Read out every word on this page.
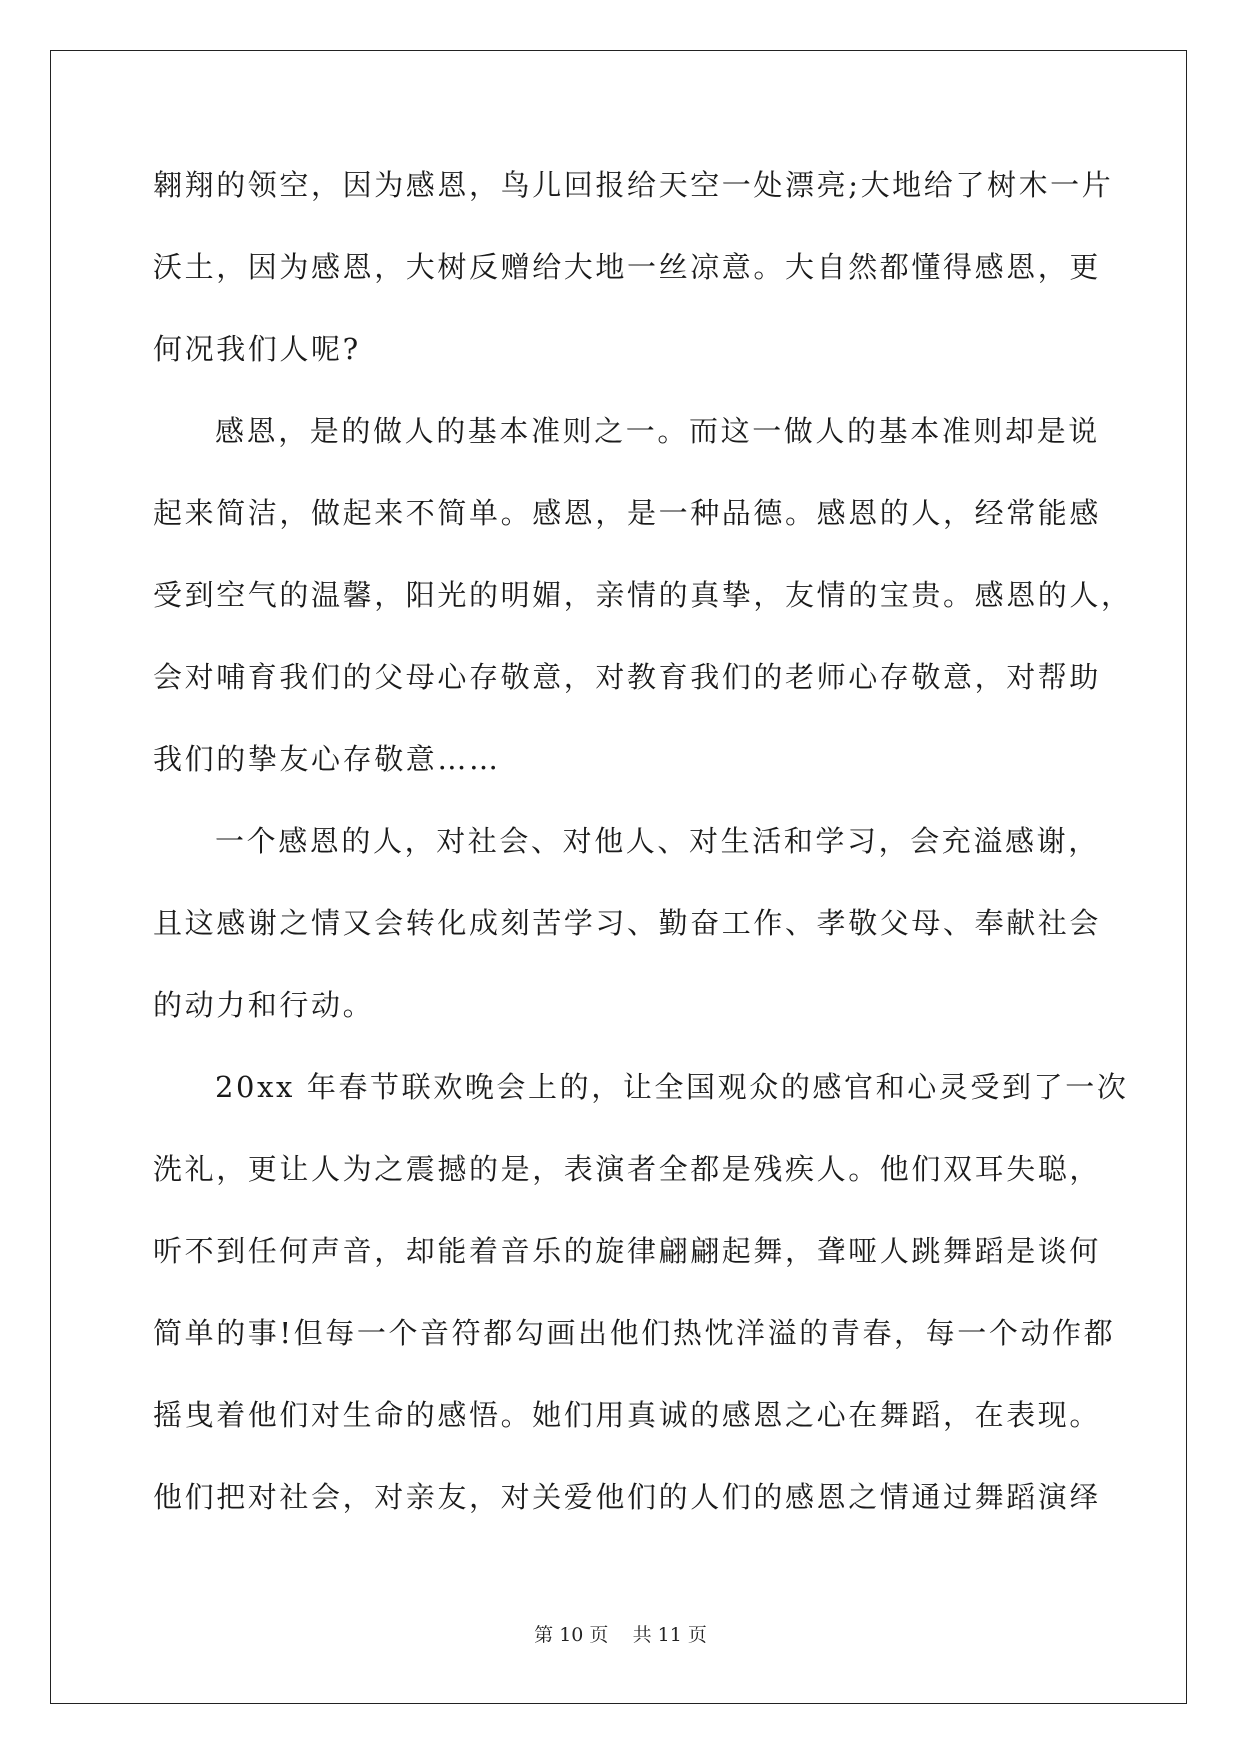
翱翔的领空，因为感恩，鸟儿回报给天空一处漂亮;大地给了树木一片
沃土，因为感恩，大树反赠给大地一丝凉意。大自然都懂得感恩，更
何况我们人呢?
感恩，是的做人的基本准则之一。而这一做人的基本准则却是说
起来简洁，做起来不简单。感恩，是一种品德。感恩的人，经常能感
受到空气的温馨，阳光的明媚，亲情的真挚，友情的宝贵。感恩的人，
会对哺育我们的父母心存敬意，对教育我们的老师心存敬意，对帮助
我们的挚友心存敬意……
一个感恩的人，对社会、对他人、对生活和学习，会充溢感谢，
且这感谢之情又会转化成刻苦学习、勤奋工作、孝敬父母、奉献社会
的动力和行动。
20xx 年春节联欢晚会上的，让全国观众的感官和心灵受到了一次
洗礼，更让人为之震撼的是，表演者全都是残疾人。他们双耳失聪，
听不到任何声音，却能着音乐的旋律翩翩起舞，聋哑人跳舞蹈是谈何
简单的事!但每一个音符都勾画出他们热忱洋溢的青春，每一个动作都
摇曳着他们对生命的感悟。她们用真诚的感恩之心在舞蹈，在表现。
他们把对社会，对亲友，对关爱他们的人们的感恩之情通过舞蹈演绎
第 10 页    共 11 页
